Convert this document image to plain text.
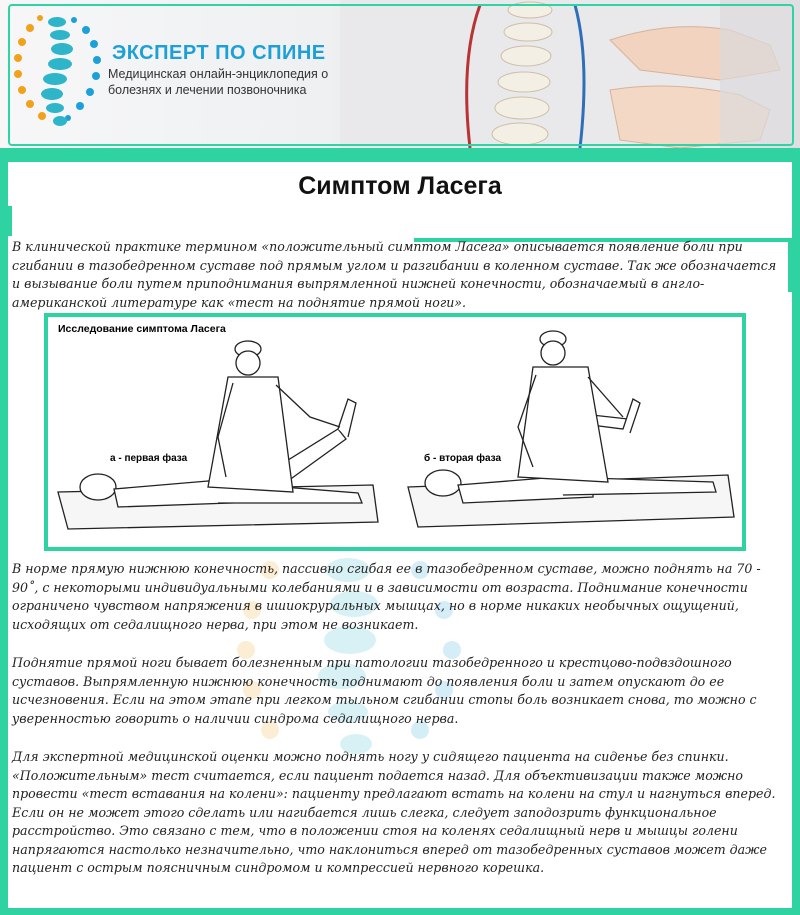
ЭКСПЕРТ ПО СПИНЕ
Медицинская онлайн-энциклопедия о болезнях и лечении позвоночника
Симптом Ласега

В клинической практике термином «положительный симптом Ласега» описывается появление боли при сгибании в тазобедренном суставе под прямым углом и разгибании в коленном суставе. Так же обозначается и вызывание боли путем приподнимания выпрямленной нижней конечности, обозначаемый в англо-американской литературе как «тест на поднятие прямой ноги».

Исследование симптома Ласега
а - первая фаза	б - вторая фаза

В норме прямую нижнюю конечность, пассивно сгибая ее в тазобедренном суставе, можно поднять на 70 - 90˚, с некоторыми индивидуальными колебаниями и в зависимости от возраста. Поднимание конечности ограничено чувством напряжения в ишиокруральных мышцах, но в норме никаких необычных ощущений, исходящих от седалищного нерва, при этом не возникает.

Поднятие прямой ноги бывает болезненным при патологии тазобедренного и крестцово-подвздошного суставов. Выпрямленную нижнюю конечность поднимают до появления боли и затем опускают до ее исчезновения. Если на этом этапе при легком тыльном сгибании стопы боль возникает снова, то можно с уверенностью говорить о наличии синдрома седалищного нерва.

Для экспертной медицинской оценки можно поднять ногу у сидящего пациента на сиденье без спинки. «Положительным» тест считается, если пациент подается назад. Для объективизации также можно провести «тест вставания на колени»: пациенту предлагают встать на колени на стул и нагнуться вперед. Если он не может этого сделать или нагибается лишь слегка, следует заподозрить функциональное расстройство. Это связано с тем, что в положении стоя на коленях седалищный нерв и мышцы голени напрягаются настолько незначительно, что наклониться вперед от тазобедренных суставов может даже пациент с острым поясничным синдромом и компрессией нервного корешка.
